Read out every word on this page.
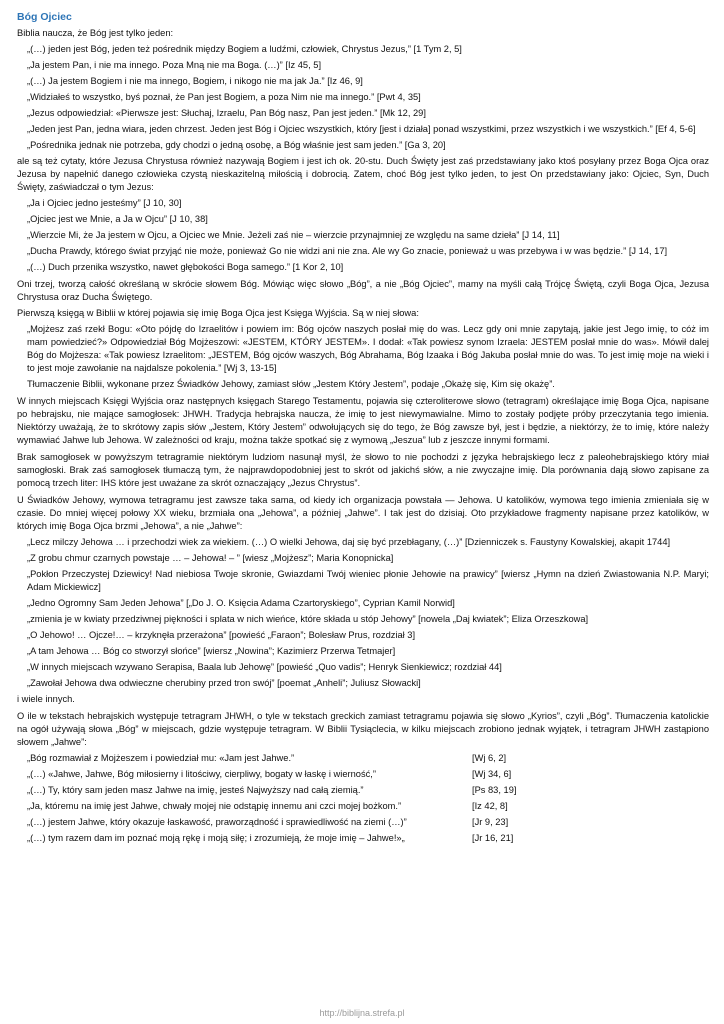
Bóg Ojciec

Biblia naucza, że Bóg jest tylko jeden:

„(…) jeden jest Bóg, jeden też pośrednik między Bogiem a ludźmi, człowiek, Chrystus Jezus,” [1 Tym 2, 5]

„Ja jestem Pan, i nie ma innego. Poza Mną nie ma Boga. (…)” [Iz 45, 5]

„(…) Ja jestem Bogiem i nie ma innego, Bogiem, i nikogo nie ma jak Ja.” [Iz 46, 9]

„Widziałeś to wszystko, byś poznał, że Pan jest Bogiem, a poza Nim nie ma innego.” [Pwt 4, 35]

„Jezus odpowiedział: «Pierwsze jest: Słuchaj, Izraelu, Pan Bóg nasz, Pan jest jeden.” [Mk 12, 29]

„Jeden jest Pan, jedna wiara, jeden chrzest. Jeden jest Bóg i Ojciec wszystkich, który [jest i działa] ponad wszystkimi, przez wszystkich i we wszystkich.” [Ef 4, 5-6]

„Pośrednika jednak nie potrzeba, gdy chodzi o jedną osobę, a Bóg właśnie jest sam jeden.” [Ga 3, 20]

ale są też cytaty, które Jezusa Chrystusa również nazywają Bogiem i jest ich ok. 20-stu. Duch Święty jest zaś przedstawiany jako ktoś posyłany przez Boga Ojca oraz Jezusa by napełnić danego człowieka czystą nieskazitelną miłością i dobrocią. Zatem, choć Bóg jest tylko jeden, to jest On przedstawiany jako: Ojciec, Syn, Duch Święty, zaświadczał o tym Jezus:

„Ja i Ojciec jedno jesteśmy” [J 10, 30]

„Ojciec jest we Mnie, a Ja w Ojcu” [J 10, 38]

„Wierzcie Mi, że Ja jestem w Ojcu, a Ojciec we Mnie. Jeżeli zaś nie – wierzcie przynajmniej ze względu na same dzieła” [J 14, 11]

„Ducha Prawdy, którego świat przyjąć nie może, ponieważ Go nie widzi ani nie zna. Ale wy Go znacie, ponieważ u was przebywa i w was będzie.” [J 14, 17]

„(…) Duch przenika wszystko, nawet głębokości Boga samego.” [1 Kor 2, 10]

Oni trzej, tworzą całość określaną w skrócie słowem Bóg. Mówiąc więc słowo „Bóg”, a nie „Bóg Ojciec”, mamy na myśli całą Trójcę Świętą, czyli Boga Ojca, Jezusa Chrystusa oraz Ducha Świętego.

Pierwszą księgą w Biblii w której pojawia się imię Boga Ojca jest Księga Wyjścia. Są w niej słowa:

„Mojżesz zaś rzekł Bogu: «Oto pójdę do Izraelitów i powiem im: Bóg ojców naszych posłał mię do was. Lecz gdy oni mnie zapytają, jakie jest Jego imię, to cóż im mam powiedzieć?» Odpowiedział Bóg Mojżeszowi: «JESTEM, KTÓRY JESTEM». I dodał: «Tak powiesz synom Izraela: JESTEM posłał mnie do was». Mówił dalej Bóg do Mojżesza: «Tak powiesz Izraelitom: „JESTEM, Bóg ojców waszych, Bóg Abrahama, Bóg Izaaka i Bóg Jakuba posłał mnie do was. To jest imię moje na wieki i to jest moje zawołanie na najdalsze pokolenia.” [Wj 3, 13-15]

Tłumaczenie Biblii, wykonane przez Świadków Jehowy, zamiast słów „Jestem Który Jestem”, podaje „Okażę się, Kim się okażę”.

W innych miejscach Księgi Wyjścia oraz następnych księgach Starego Testamentu, pojawia się czteroliterowe słowo (tetragram) określające imię Boga Ojca, napisane po hebrajsku, nie mające samogłosek: JHWH. Tradycja hebrajska naucza, że imię to jest niewymawialne. Mimo to zostały podjęte próby przeczytania tego imienia. Niektórzy uważają, że to skrótowy zapis słów „Jestem, Który Jestem” odwołujących się do tego, że Bóg zawsze był, jest i będzie, a niektórzy, że to imię, które należy wymawiać Jahwe lub Jehowa. W zależności od kraju, można także spotkać się z wymową „Jeszua” lub z jeszcze innymi formami.

Brak samogłosek w powyższym tetragramie niektórym ludziom nasunął myśl, że słowo to nie pochodzi z języka hebrajskiego lecz z paleohebrajskiego który miał samogłoski. Brak zaś samogłosek tłumaczą tym, że najprawdopodobniej jest to skrót od jakichś słów, a nie zwyczajne imię. Dla porównania dają słowo zapisane za pomocą trzech liter: IHS które jest uważane za skrót oznaczający „Jezus Chrystus”.

U Świadków Jehowy, wymowa tetragramu jest zawsze taka sama, od kiedy ich organizacja powstała — Jehowa. U katolików, wymowa tego imienia zmieniała się w czasie. Do mniej więcej połowy XX wieku, brzmiała ona „Jehowa”, a później „Jahwe”. I tak jest do dzisiaj. Oto przykładowe fragmenty napisane przez katolików, w których imię Boga Ojca brzmi „Jehowa”, a nie „Jahwe”:

„Lecz milczy Jehowa … i przechodzi wiek za wiekiem. (…) O wielki Jehowa, daj się być przebłagany, (…)” [Dzienniczek s. Faustyny Kowalskiej, akapit 1744]

„Z grobu chmur czarnych powstaje … – Jehowa! – ” [wiesz „Mojżesz”; Maria Konopnicka]

„Pokłon Przeczystej Dziewicy! Nad niebiosa Twoje skronie, Gwiazdami Twój wieniec płonie Jehowie na prawicy” [wiersz „Hymn na dzień Zwiastowania N.P. Maryi; Adam Mickiewicz]

„Jedno Ogromny Sam Jeden Jehowa” [„Do J. O. Księcia Adama Czartoryskiego”, Cyprian Kamil Norwid]

„zmienia je w kwiaty przedziwnej piękności i splata w nich wieńce, które składa u stóp Jehowy” [nowela „Daj kwiatek”; Eliza Orzeszkowa]

„O Jehowo! … Ojcze!… – krzyknęła przerażona” [powieść „Faraon”; Bolesław Prus, rozdział 3]

„A tam Jehowa … Bóg co stworzył słońce” [wiersz „Nowina”; Kazimierz Przerwa Tetmajer]

„W innych miejscach wzywano Serapisa, Baala lub Jehowę” [powieść „Quo vadis”; Henryk Sienkiewicz; rozdział 44]

„Zawołał Jehowa dwa odwieczne cherubiny przed tron swój” [poemat „Anheli”; Juliusz Słowacki]

i wiele innych.

O ile w tekstach hebrajskich występuje tetragram JHWH, o tyle w tekstach greckich zamiast tetragramu pojawia się słowo „Kyrios”, czyli „Bóg”. Tłumaczenia katolickie na ogół używają słowa „Bóg” w miejscach, gdzie występuje tetragram. W Biblii Tysiąclecia, w kilku miejscach zrobiono jednak wyjątek, i tetragram JHWH zastąpiono słowem „Jahwe”:

„Bóg rozmawiał z Mojżeszem i powiedział mu: «Jam jest Jahwe.”	[Wj 6, 2]
„(…) «Jahwe, Jahwe, Bóg miłosierny i litościwy, cierpliwy, bogaty w łaskę i wierność,”	[Wj 34, 6]
„(…) Ty, który sam jeden masz Jahwe na imię, jesteś Najwyższy nad całą ziemią.”	[Ps 83, 19]
„Ja, któremu na imię jest Jahwe, chwały mojej nie odstąpię innemu ani czci mojej bożkom.”	[Iz 42, 8]
„(…) jestem Jahwe, który okazuje łaskawość, praworządność i sprawiedliwość na ziemi (…)”	[Jr 9, 23]
„(…) tym razem dam im poznać moją rękę i moją siłę; i zrozumieją, że moje imię – Jahwe!»„	[Jr 16, 21]
http://biblijna.strefa.pl
